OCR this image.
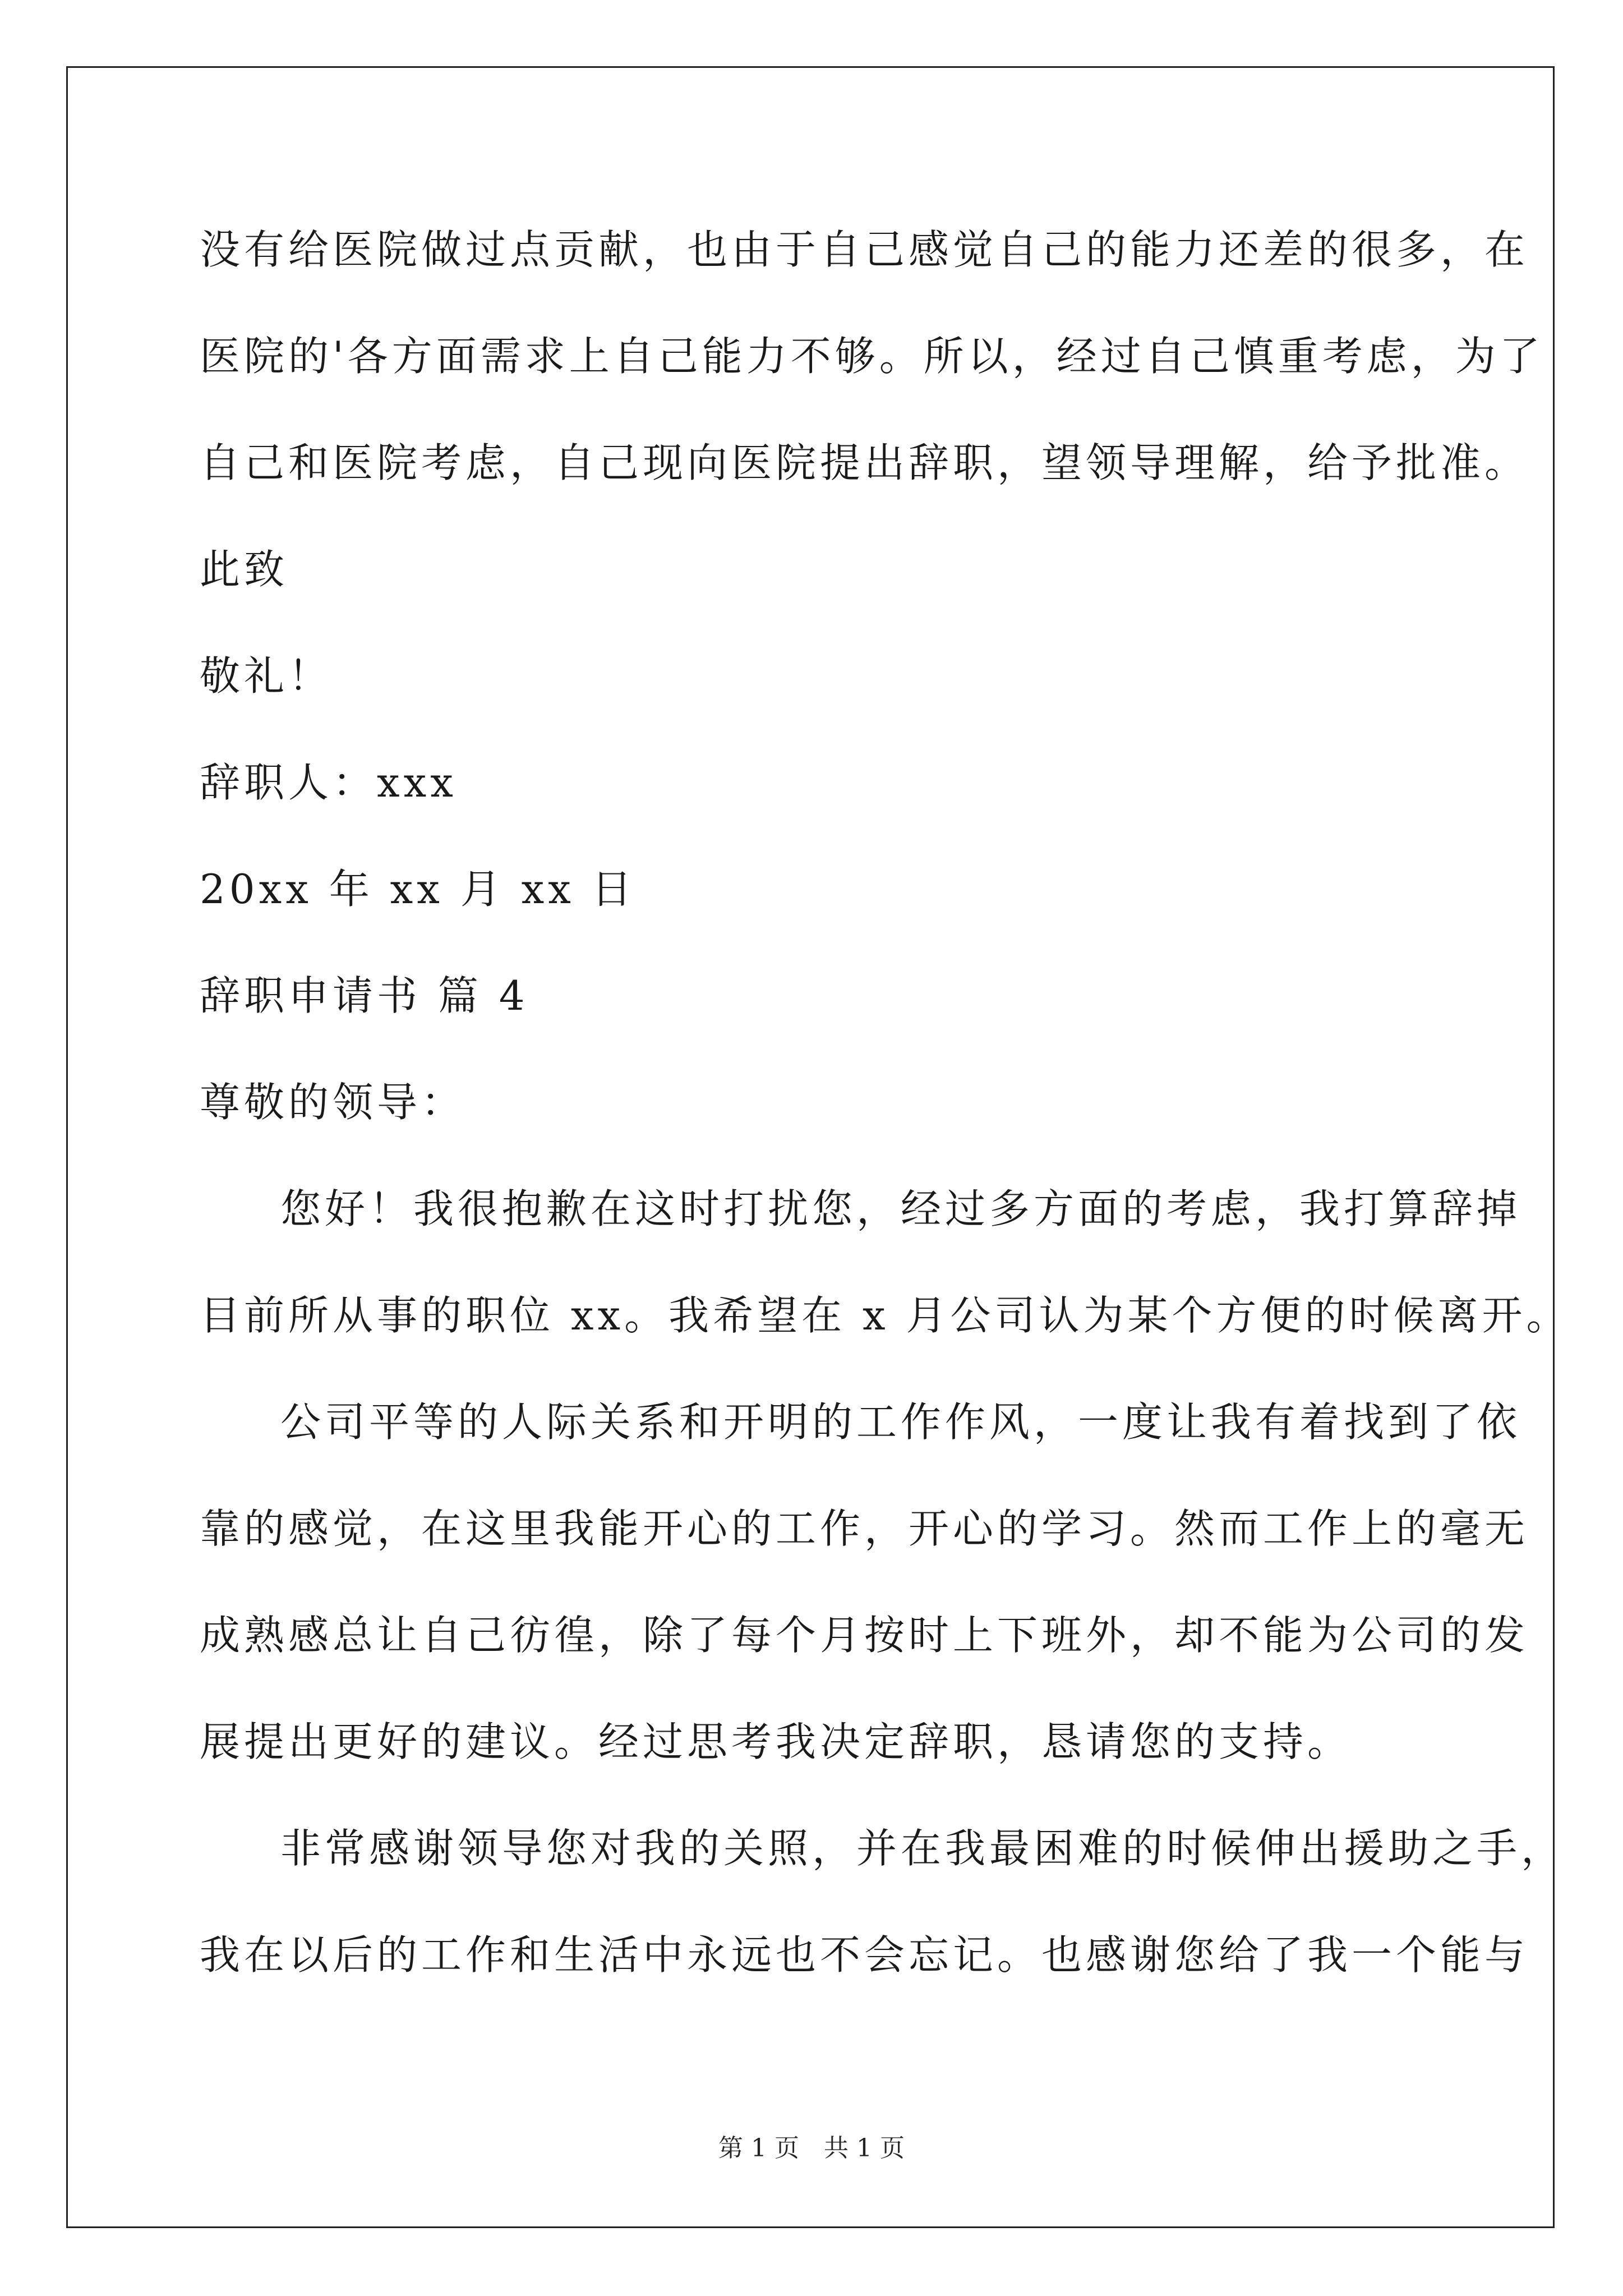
没有给医院做过点贡献，也由于自己感觉自己的能力还差的很多，在
医院的'各方面需求上自己能力不够。所以，经过自己慎重考虑，为了
自己和医院考虑，自己现向医院提出辞职，望领导理解，给予批准。
此致
敬礼！
辞职人：xxx
20xx 年 xx 月 xx 日
辞职申请书 篇 4
尊敬的领导：
您好！我很抱歉在这时打扰您，经过多方面的考虑，我打算辞掉
目前所从事的职位 xx。我希望在 x 月公司认为某个方便的时候离开。
公司平等的人际关系和开明的工作作风，一度让我有着找到了依
靠的感觉，在这里我能开心的工作，开心的学习。然而工作上的毫无
成熟感总让自己彷徨，除了每个月按时上下班外，却不能为公司的发
展提出更好的建议。经过思考我决定辞职，恳请您的支持。
非常感谢领导您对我的关照，并在我最困难的时候伸出援助之手，
我在以后的工作和生活中永远也不会忘记。也感谢您给了我一个能与
第 1 页　共 1 页
